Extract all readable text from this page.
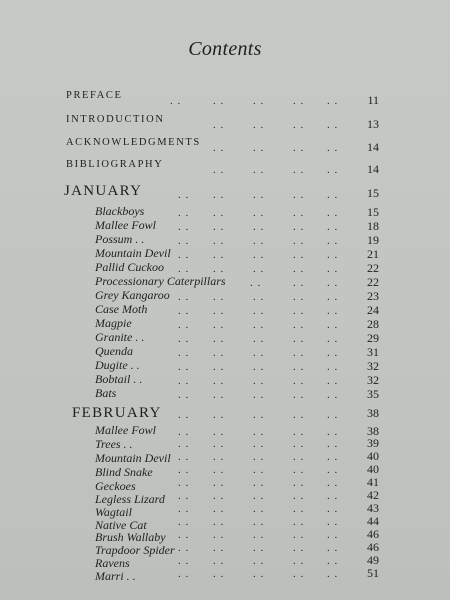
Contents
. .	. .	. .	. . . .
. .	. .	. . . .
. .	. .	. . . .
. .	. .	. . . .
. . . .	. .	. . . .
. . . .	. .	. . . .
. . . .	. .	. . . .
. . . .	. .	. . . .
. . . .	. .	. . . .
. . . .	. .	. . . .
. .	. . . .
. . . .	. .	. . . .
. . . .	. .	. . . .
. . . .	. .	. . . .
. . . .	. .	. . . .
. . . .	. .	. . . .
. . . .	. .	. . . .
. . . .	. .	. . . .
. . . .	. .	. . . .
. . . .	. .	. . . .
. . . .	. .	. . . .
. . . .	. .	. . . .
. . . .	. .	. . . .
. . . .	. .	. . . .
. . . .	. .	. . . .
. . . .	. .	. . . .
. . . .	. .	. . . .
. . . .	. .	. . . .
. . . .	. .	. . . .
. . . .	. .	. . . .
. . . .	. .	. . . .
. . . .	. .	. . . .
PREFACE	11
INTRODUCTION	13
ACKNOWLEDGMENTS	14
BIBLIOGRAPHY	14
JANUARY	15
Blackboys	15
Mallee Fowl	18
Possum . .	19
Mountain Devil	21
Pallid Cuckoo	22
Processionary Caterpillars	22
Grey Kangaroo	23
Case Moth	24
Magpie	28
Granite . .	29
Quenda	31
Dugite . .	32
Bobtail . .	32
Bats	35
FEBRUARY	38
Mallee Fowl	38
Trees . .	39
Mountain Devil	40
Blind Snake	40
Geckoes	41
Legless Lizard	42
Wagtail	43
Native Cat	44
Brush Wallaby	46
Trapdoor Spider	46
Ravens	49
Marri . .	51
